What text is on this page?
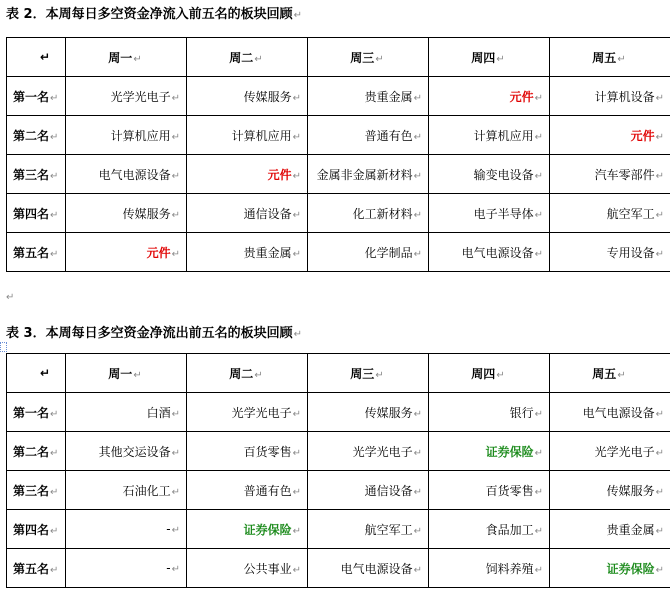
表 2．本周每日多空资金净流入前五名的板块回顾↵
↵	周一↵	周二↵	周三↵	周四↵	周五↵
第一名↵	光学光电子↵	传媒服务↵	贵重金属↵	元件↵	计算机设备↵
第二名↵	计算机应用↵	计算机应用↵	普通有色↵	计算机应用↵	元件↵
第三名↵	电气电源设备↵	元件↵	金属非金属新材料↵	输变电设备↵	汽车零部件↵
第四名↵	传媒服务↵	通信设备↵	化工新材料↵	电子半导体↵	航空军工↵
第五名↵	元件↵	贵重金属↵	化学制品↵	电气电源设备↵	专用设备↵
↵
表 3．本周每日多空资金净流出前五名的板块回顾↵
↵	周一↵	周二↵	周三↵	周四↵	周五↵
第一名↵	白酒↵	光学光电子↵	传媒服务↵	银行↵	电气电源设备↵
第二名↵	其他交运设备↵	百货零售↵	光学光电子↵	证券保险↵	光学光电子↵
第三名↵	石油化工↵	普通有色↵	通信设备↵	百货零售↵	传媒服务↵
第四名↵	-↵	证券保险↵	航空军工↵	食品加工↵	贵重金属↵
第五名↵	-↵	公共事业↵	电气电源设备↵	饲料养殖↵	证券保险↵
